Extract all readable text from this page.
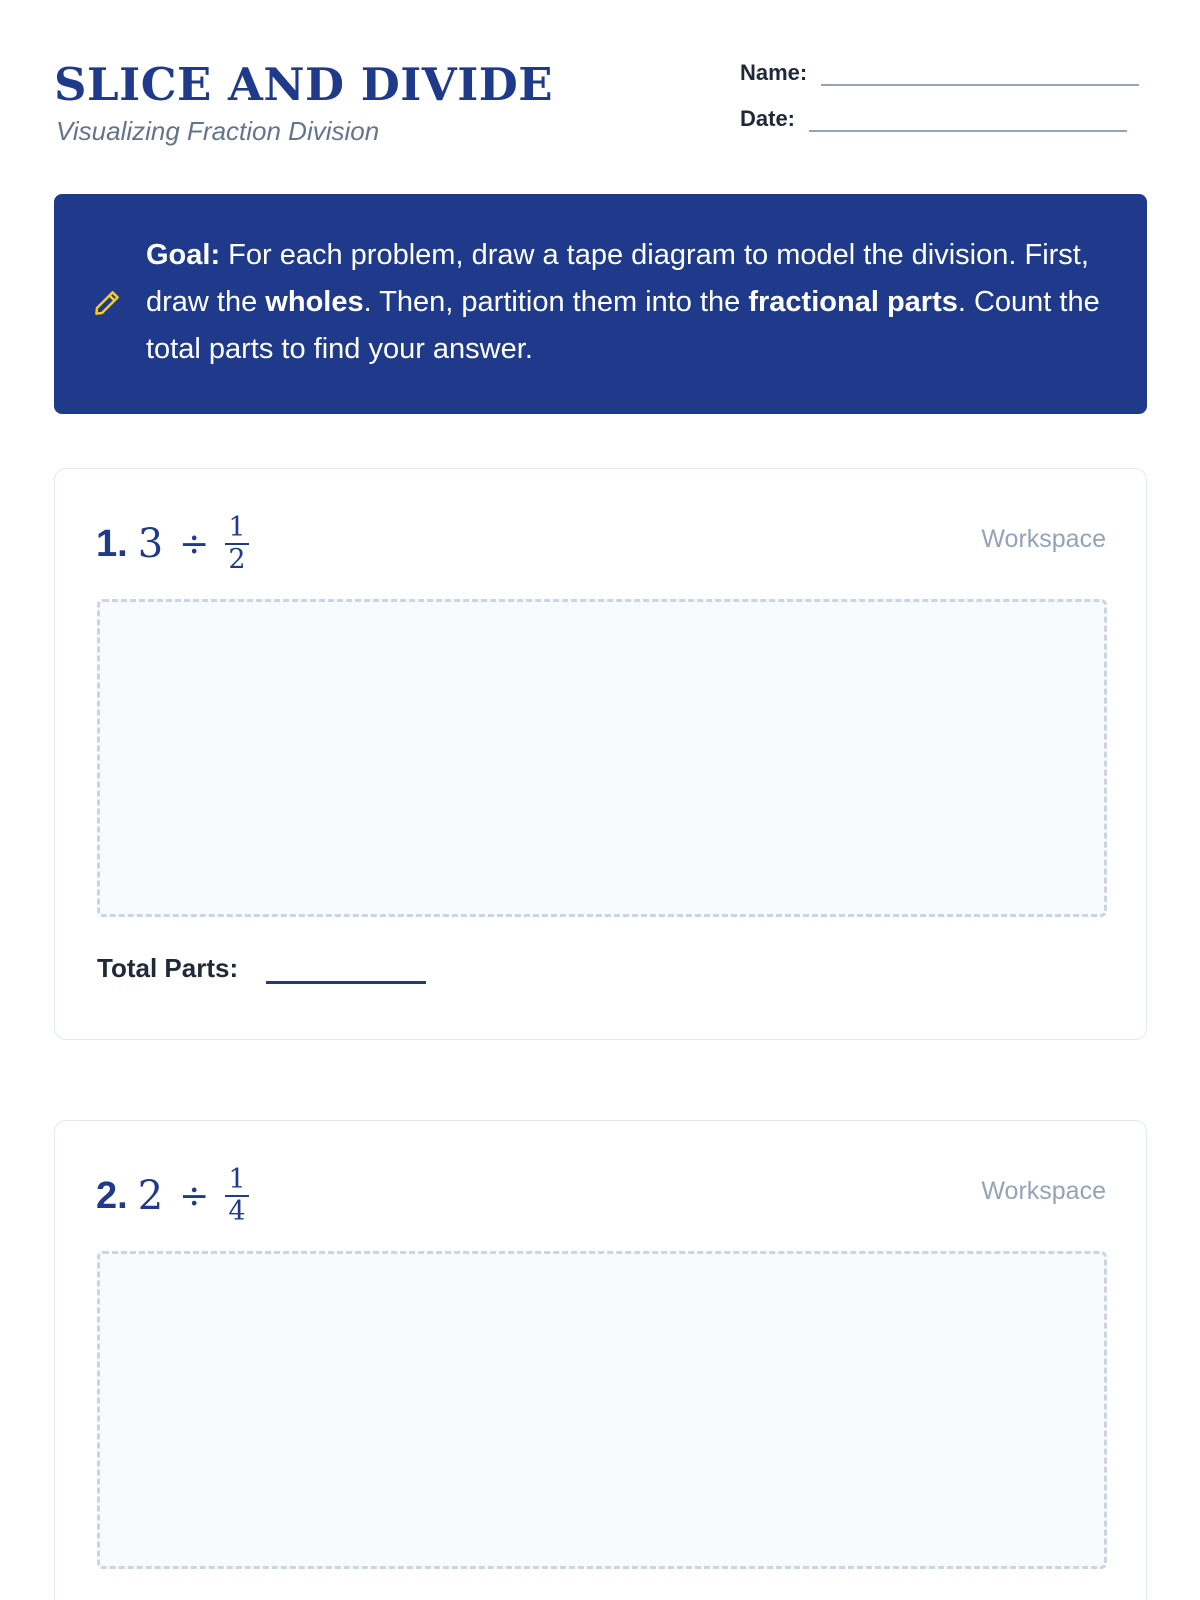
SLICE AND DIVIDE
Visualizing Fraction Division
Name:
Date:
Goal: For each problem, draw a tape diagram to model the division. First, draw the wholes. Then, partition them into the fractional parts. Count the total parts to find your answer.
1. $3 \div \frac{1}{2}$	Workspace
Total Parts:
2. $2 \div \frac{1}{4}$	Workspace
